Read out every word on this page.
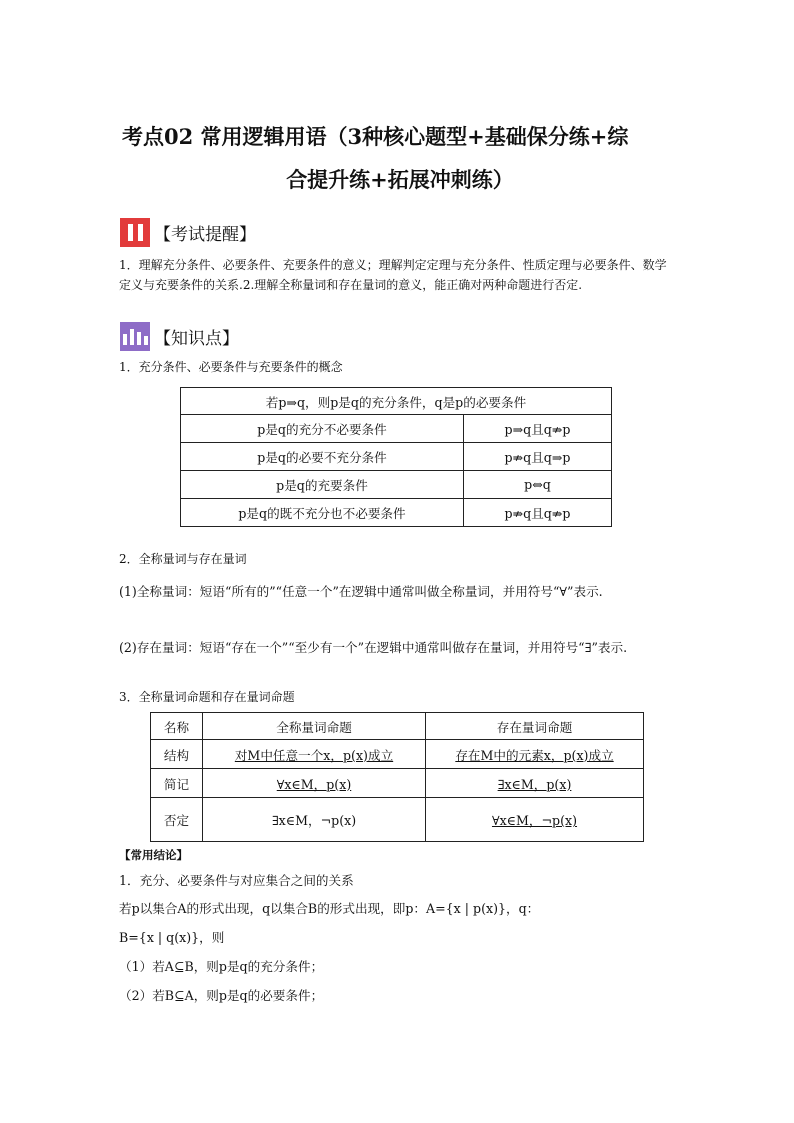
考点02 常用逻辑用语（3种核心题型+基础保分练+综
合提升练+拓展冲刺练）
【考试提醒】
1．理解充分条件、必要条件、充要条件的意义；理解判定定理与充分条件、性质定理与必要条件、数学定义与充要条件的关系.2.理解全称量词和存在量词的意义，能正确对两种命题进行否定.
【知识点】
1．充分条件、必要条件与充要条件的概念
若p⇒q，则p是q的充分条件，q是p的必要条件	
p是q的充分不必要条件	p⇒q且q⇏p
p是q的必要不充分条件	p⇏q且q⇒p
p是q的充要条件	p⇔q
p是q的既不充分也不必要条件	p⇏q且q⇏p
2．全称量词与存在量词
(1)全称量词：短语“所有的”“任意一个”在逻辑中通常叫做全称量词，并用符号“∀”表示.
(2)存在量词：短语“存在一个”“至少有一个”在逻辑中通常叫做存在量词，并用符号“∃”表示.
3．全称量词命题和存在量词命题
名称	全称量词命题	存在量词命题
结构	对M中任意一个x，p(x)成立	存在M中的元素x，p(x)成立
简记	∀x∈M，p(x)	∃x∈M，p(x)
否定	∃x∈M，¬p(x)	∀x∈M，¬p(x)
【常用结论】
1．充分、必要条件与对应集合之间的关系
若p以集合A的形式出现，q以集合B的形式出现，即p：A={x | p(x)}，q：
B={x | q(x)}，则
（1）若A⊆B，则p是q的充分条件；
（2）若B⊆A，则p是q的必要条件；
